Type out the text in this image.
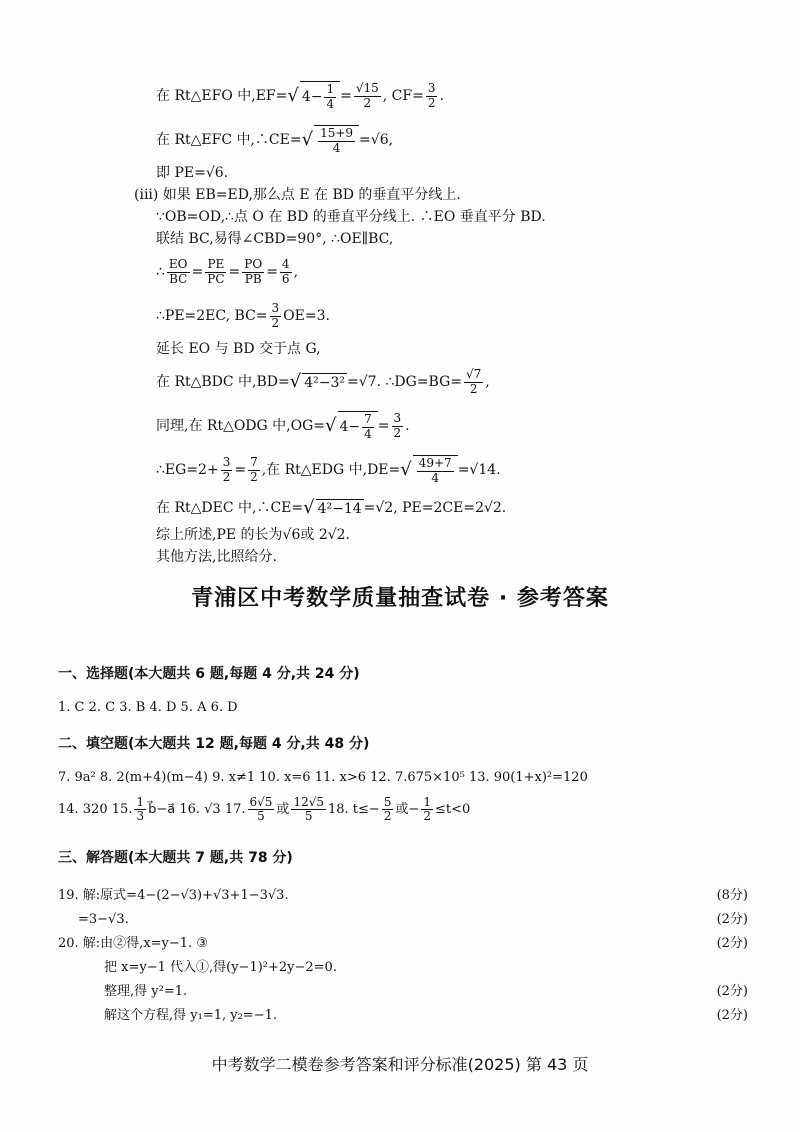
在 Rt△EFO 中,EF= √ $4- \frac{1}{4} = \frac{√15}{2}$ , $CF= \frac{3}{2}$ .
在 Rt△EFC 中,∴CE= √ $\frac{15+9}{4} =√6$,
即 PE=√6.
(iii) 如果 EB=ED,那么点 E 在 BD 的垂直平分线上.
∵OB=OD,∴点 O 在 BD 的垂直平分线上. ∴EO 垂直平分 BD.
联结 BC,易得∠CBD=90°, ∴OE∥BC,
∴ $\frac{EO}{BC} = \frac{PE}{PC} = \frac{PO}{PB} = \frac{4}{6}$ ,
∴PE=2EC, $BC= \frac{3}{2} OE=3$.
延长 EO 与 BD 交于点 G,
在 Rt△BDC 中,BD= √ 4²−3² =√7. ∴DG=BG= $\frac{√7}{2}$ ,
同理,在 Rt△ODG 中,OG= √ $4- \frac{7}{4} = \frac{3}{2}$ .
∴EG=2+ $\frac{3}{2} = \frac{7}{2}$ ,在 Rt△EDG 中,DE= √ $\frac{49+7}{4} =√14$.
在 Rt△DEC 中,∴CE= √ 4²−14 =√2, PE=2CE=2√2.
综上所述,PE 的长为√6或 2√2.
其他方法,比照给分.
青浦区中考数学质量抽查试卷 · 参考答案
一、选择题(本大题共 6 题,每题 4 分,共 24 分)
1. C 2. C 3. B 4. D 5. A 6. D
二、填空题(本大题共 12 题,每题 4 分,共 48 分)
7. 9a² 8. 2(m+4)(m−4) 9. x≠1 10. x=6 11. x>6 12. 7.675×10⁵ 13. 90(1+x)²=120
14. 320 15. $\frac{1}{3}$ b⃗−a⃗ 16. √3 17. $\frac{6√5}{5}$ 或 $\frac{12√5}{5} 18$. $t\le- \frac{5}{2}$ 或− $\frac{1}{2} \le t<0$
三、解答题(本大题共 7 题,共 78 分)
19. 解:原式=4−(2−√3)+√3+1−3√3.	(8分)
=3−√3.	(2分)
20. 解:由②得,x=y−1. ③	(2分)
把 x=y−1 代入①,得(y−1)²+2y−2=0.
整理,得 y²=1.	(2分)
解这个方程,得 y₁=1, y₂=−1.	(2分)
中考数学二模卷参考答案和评分标准(2025) 第 43 页
